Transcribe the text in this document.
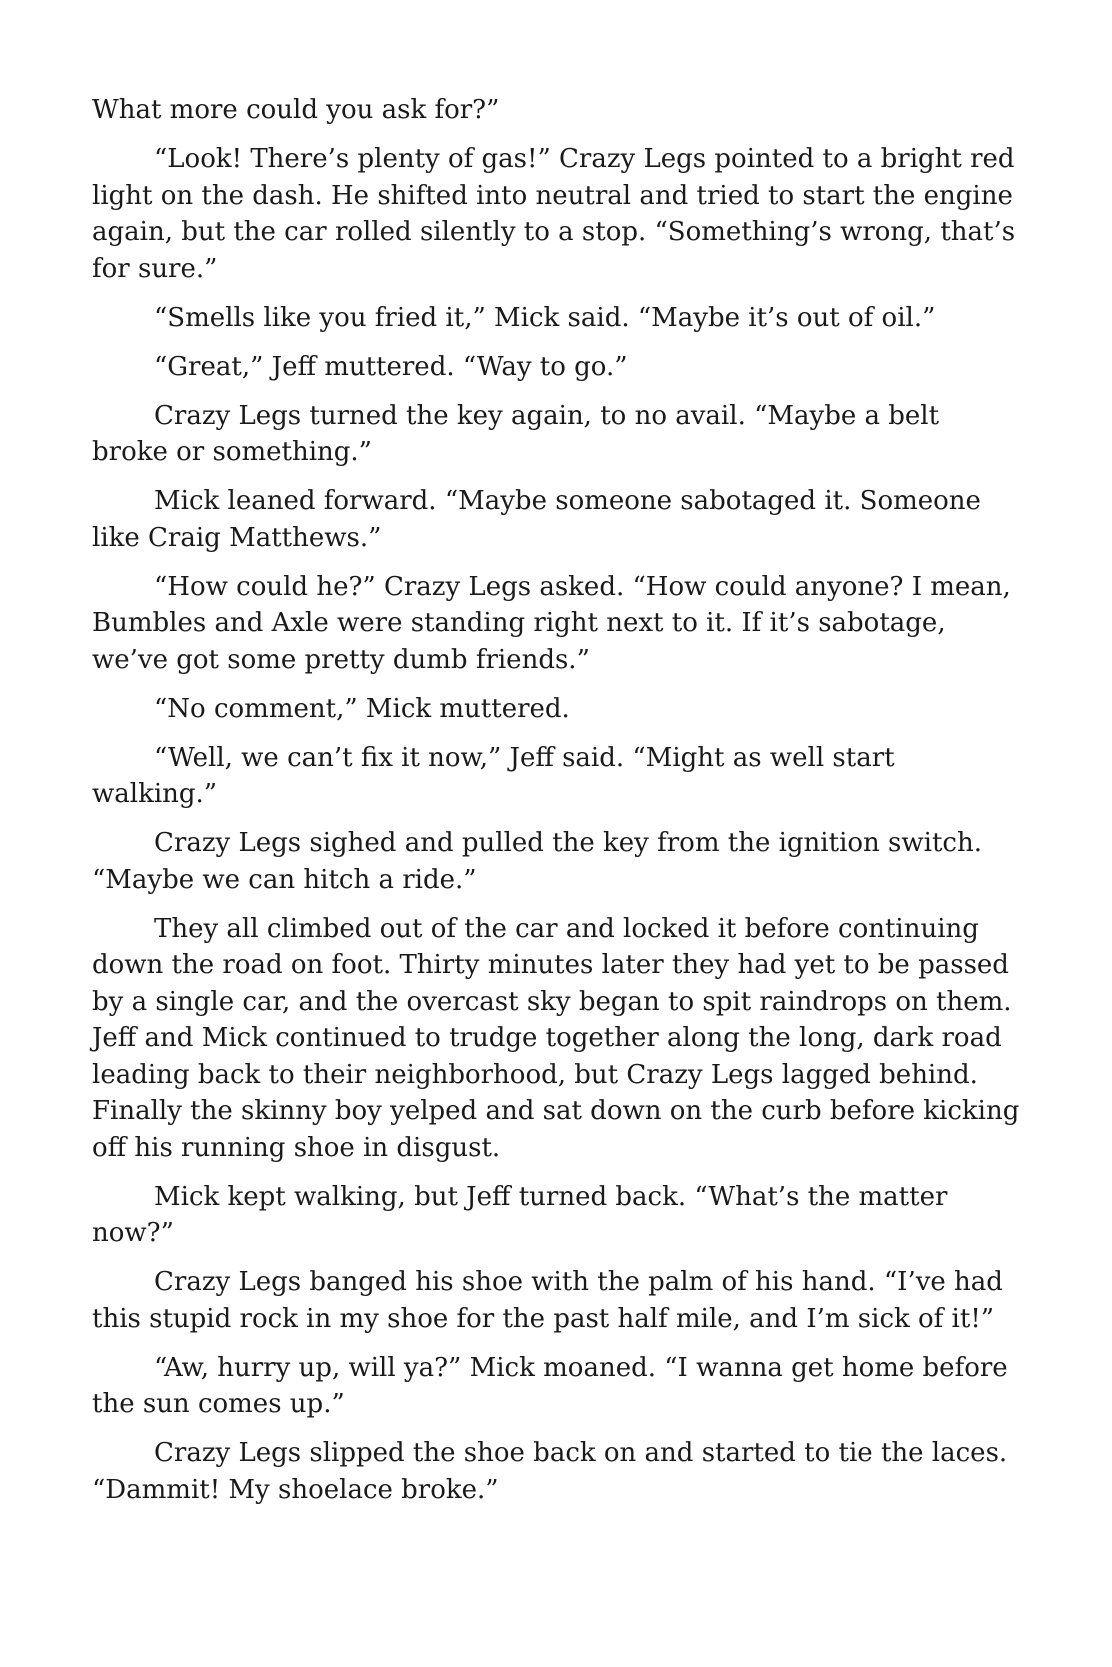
What more could you ask for?”

“Look! There’s plenty of gas!” Crazy Legs pointed to a bright red light on the dash. He shifted into neutral and tried to start the engine again, but the car rolled silently to a stop. “Something’s wrong, that’s for sure.”

“Smells like you fried it,” Mick said. “Maybe it’s out of oil.”

“Great,” Jeff muttered. “Way to go.”

Crazy Legs turned the key again, to no avail. “Maybe a belt broke or something.”

Mick leaned forward. “Maybe someone sabotaged it. Someone like Craig Matthews.”

“How could he?” Crazy Legs asked. “How could anyone? I mean, Bumbles and Axle were standing right next to it. If it’s sabotage, we’ve got some pretty dumb friends.”

“No comment,” Mick muttered.

“Well, we can’t fix it now,” Jeff said. “Might as well start walking.”

Crazy Legs sighed and pulled the key from the ignition switch. “Maybe we can hitch a ride.”

They all climbed out of the car and locked it before continuing down the road on foot. Thirty minutes later they had yet to be passed by a single car, and the overcast sky began to spit raindrops on them. Jeff and Mick continued to trudge together along the long, dark road leading back to their neighborhood, but Crazy Legs lagged behind. Finally the skinny boy yelped and sat down on the curb before kicking off his running shoe in disgust.

Mick kept walking, but Jeff turned back. “What’s the matter now?”

Crazy Legs banged his shoe with the palm of his hand. “I’ve had this stupid rock in my shoe for the past half mile, and I’m sick of it!”

“Aw, hurry up, will ya?” Mick moaned. “I wanna get home before the sun comes up.”

Crazy Legs slipped the shoe back on and started to tie the laces. “Dammit! My shoelace broke.”
